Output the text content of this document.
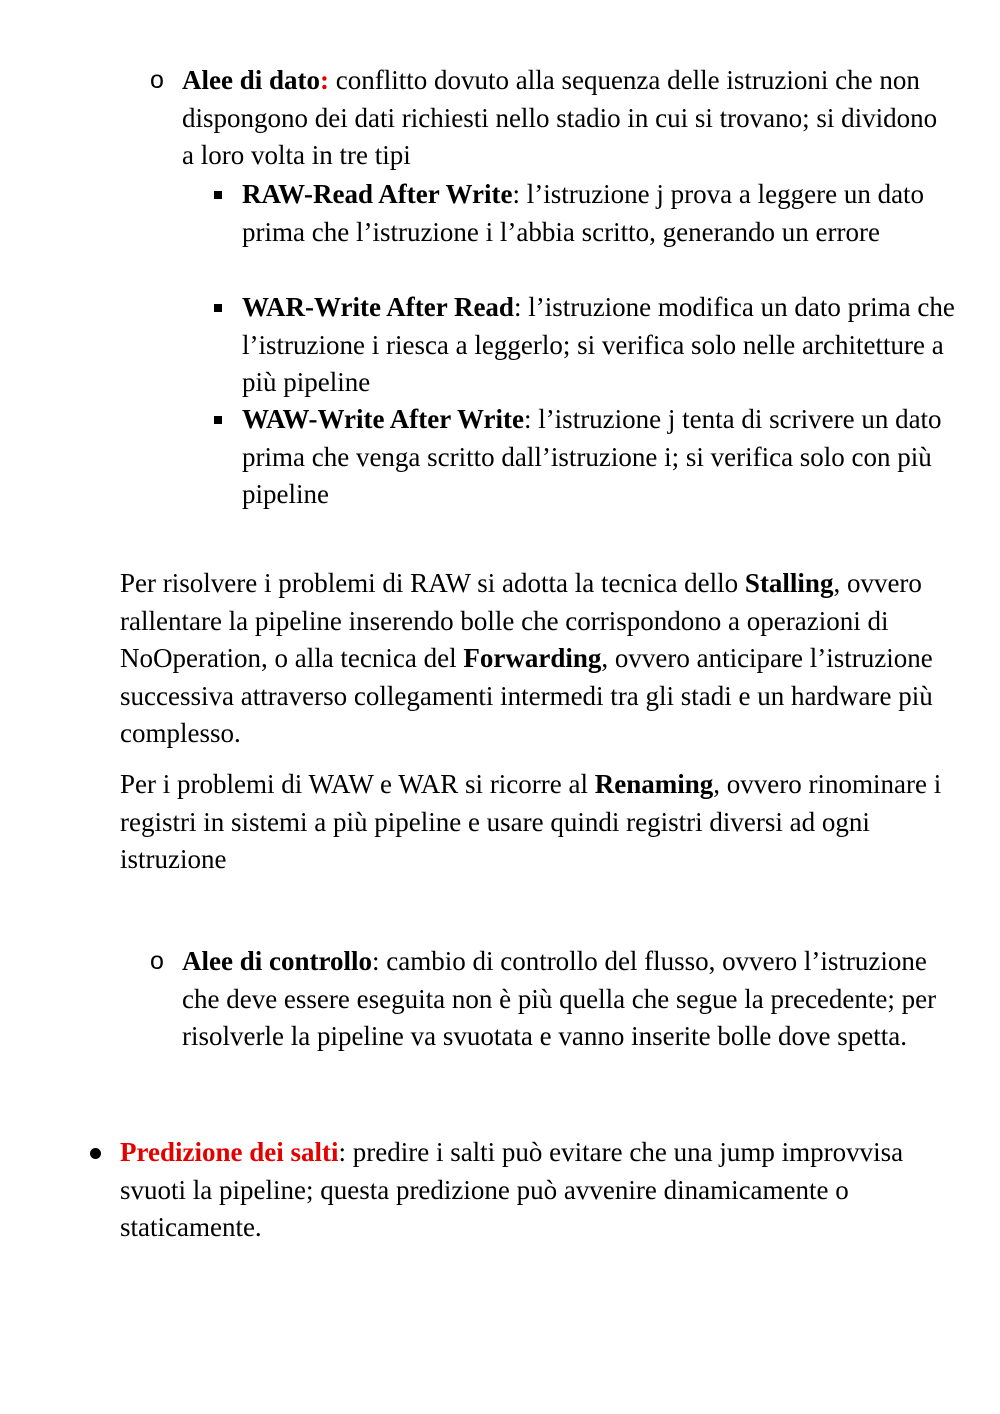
o Alee di dato: conflitto dovuto alla sequenza delle istruzioni che non dispongono dei dati richiesti nello stadio in cui si trovano; si dividono a loro volta in tre tipi

RAW-Read After Write: l’istruzione j prova a leggere un dato prima che l’istruzione i l’abbia scritto, generando un errore

WAR-Write After Read: l’istruzione modifica un dato prima che l’istruzione i riesca a leggerlo; si verifica solo nelle architetture a più pipeline

WAW-Write After Write: l’istruzione j tenta di scrivere un dato prima che venga scritto dall’istruzione i; si verifica solo con più pipeline

Per risolvere i problemi di RAW si adotta la tecnica dello Stalling, ovvero rallentare la pipeline inserendo bolle che corrispondono a operazioni di NoOperation, o alla tecnica del Forwarding, ovvero anticipare l’istruzione successiva attraverso collegamenti intermedi tra gli stadi e un hardware più complesso.

Per i problemi di WAW e WAR si ricorre al Renaming, ovvero rinominare i registri in sistemi a più pipeline e usare quindi registri diversi ad ogni istruzione

o Alee di controllo: cambio di controllo del flusso, ovvero l’istruzione che deve essere eseguita non è più quella che segue la precedente; per risolverle la pipeline va svuotata e vanno inserite bolle dove spetta.

Predizione dei salti: predire i salti può evitare che una jump improvvisa svuoti la pipeline; questa predizione può avvenire dinamicamente o staticamente.
